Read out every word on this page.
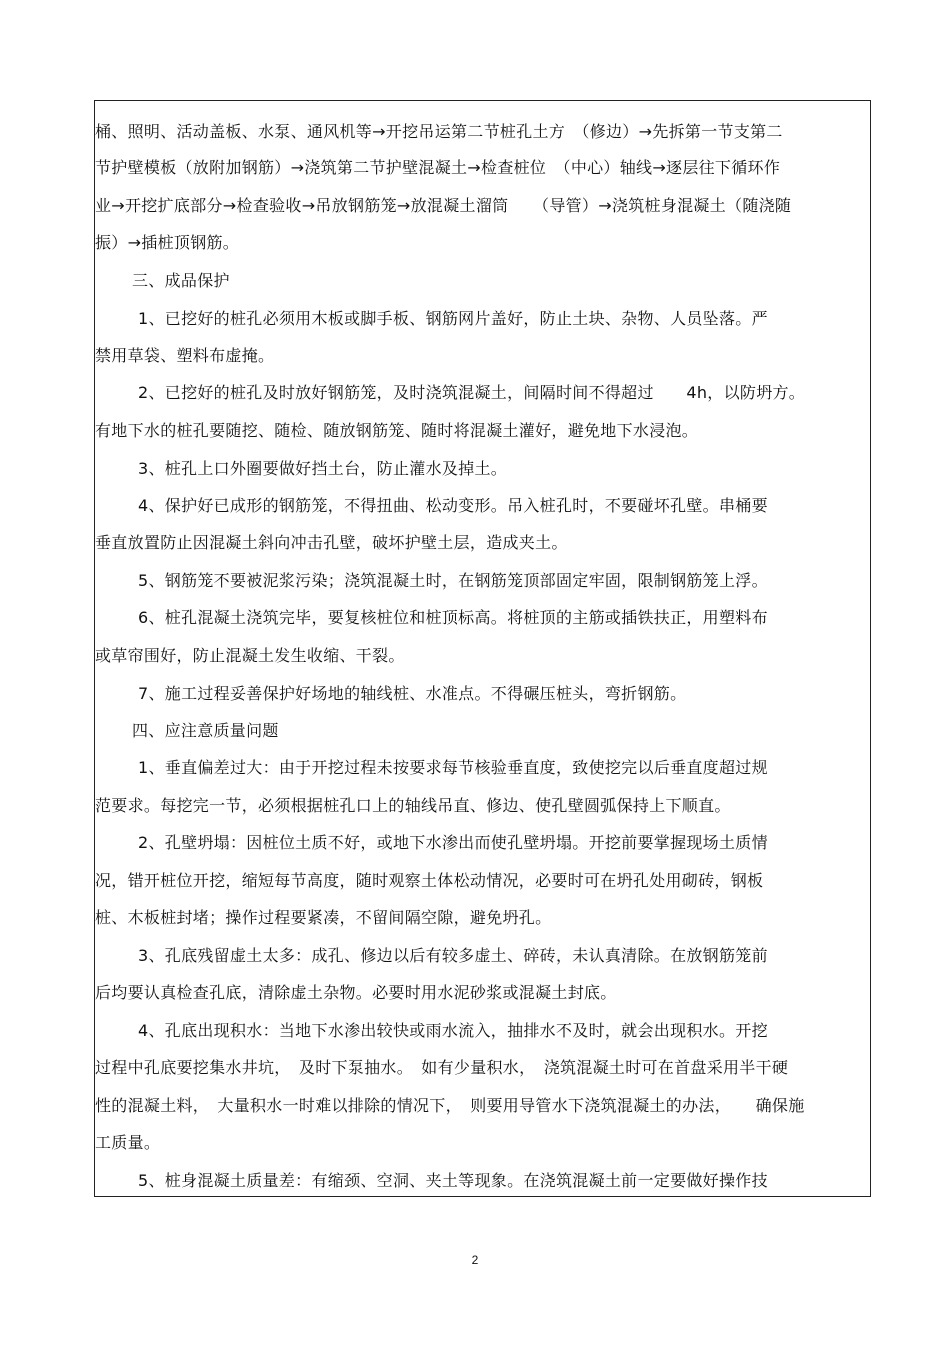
桶、照明、活动盖板、水泵、通风机等→开挖吊运第二节桩孔土方　（修边）→先拆第一节支第二
节护壁模板（放附加钢筋）→浇筑第二节护壁混凝土→检查桩位　（中心）轴线→逐层往下循环作
业→开挖扩底部分→检查验收→吊放钢筋笼→放混凝土溜筒　　（导管）→浇筑桩身混凝土（随浇随
振）→插桩顶钢筋。
三、成品保护
1、已挖好的桩孔必须用木板或脚手板、钢筋网片盖好，防止土块、杂物、人员坠落。严
禁用草袋、塑料布虚掩。
2、已挖好的桩孔及时放好钢筋笼，及时浇筑混凝土，间隔时间不得超过　　4h，以防坍方。
有地下水的桩孔要随挖、随检、随放钢筋笼、随时将混凝土灌好，避免地下水浸泡。
3、桩孔上口外圈要做好挡土台，防止灌水及掉土。
4、保护好已成形的钢筋笼，不得扭曲、松动变形。吊入桩孔时，不要碰坏孔壁。串桶要
垂直放置防止因混凝土斜向冲击孔壁，破坏护壁土层，造成夹土。
5、钢筋笼不要被泥浆污染；浇筑混凝土时，在钢筋笼顶部固定牢固，限制钢筋笼上浮。
6、桩孔混凝土浇筑完毕，要复核桩位和桩顶标高。将桩顶的主筋或插铁扶正，用塑料布
或草帘围好，防止混凝土发生收缩、干裂。
7、施工过程妥善保护好场地的轴线桩、水准点。不得碾压桩头，弯折钢筋。
四、应注意质量问题
1、垂直偏差过大：由于开挖过程未按要求每节核验垂直度，致使挖完以后垂直度超过规
范要求。每挖完一节，必须根据桩孔口上的轴线吊直、修边、使孔壁圆弧保持上下顺直。
2、孔壁坍塌：因桩位土质不好，或地下水渗出而使孔壁坍塌。开挖前要掌握现场土质情
况，错开桩位开挖，缩短每节高度，随时观察土体松动情况，必要时可在坍孔处用砌砖，钢板
桩、木板桩封堵；操作过程要紧凑，不留间隔空隙，避免坍孔。
3、孔底残留虚土太多：成孔、修边以后有较多虚土、碎砖，未认真清除。在放钢筋笼前
后均要认真检查孔底，清除虚土杂物。必要时用水泥砂浆或混凝土封底。
4、孔底出现积水：当地下水渗出较快或雨水流入，抽排水不及时，就会出现积水。开挖
过程中孔底要挖集水井坑，　及时下泵抽水。　如有少量积水，　浇筑混凝土时可在首盘采用半干硬
性的混凝土料，　大量积水一时难以排除的情况下，　则要用导管水下浇筑混凝土的办法，　　确保施
工质量。
5、桩身混凝土质量差：有缩颈、空洞、夹土等现象。在浇筑混凝土前一定要做好操作技
2
